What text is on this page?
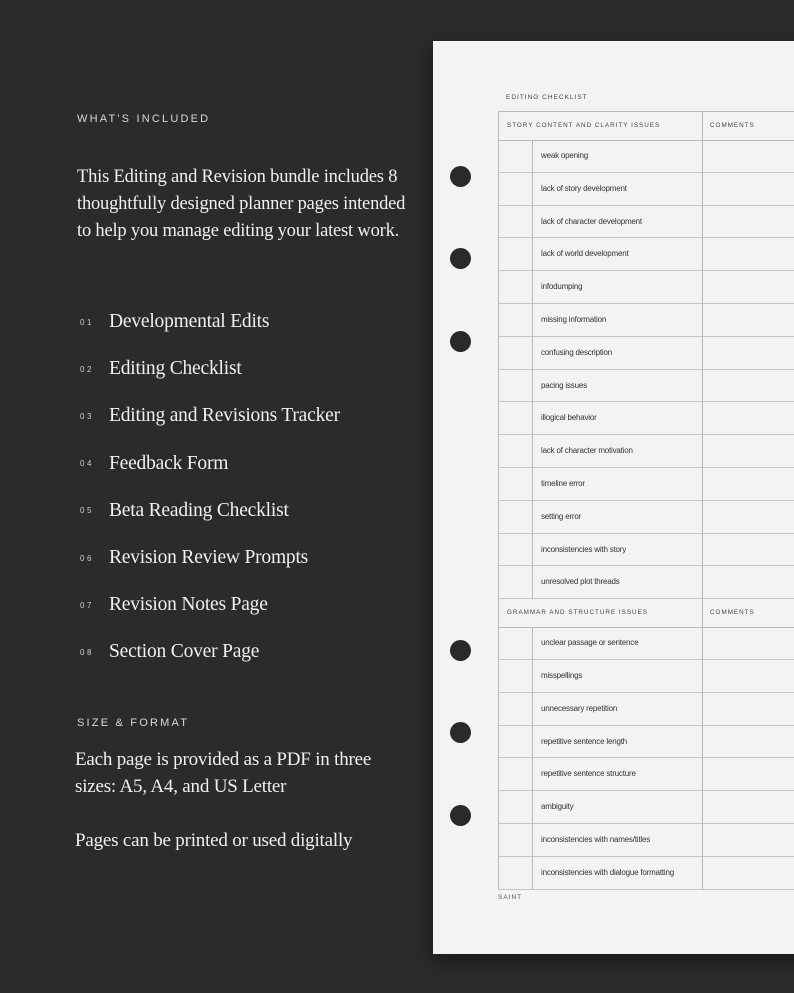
WHAT'S INCLUDED
This Editing and Revision bundle includes 8 thoughtfully designed planner pages intended to help you manage editing your latest work.
01 Developmental Edits
02 Editing Checklist
03 Editing and Revisions Tracker
04 Feedback Form
05 Beta Reading Checklist
06 Revision Review Prompts
07 Revision Notes Page
08 Section Cover Page
SIZE & FORMAT
Each page is provided as a PDF in three sizes: A5, A4, and US Letter
Pages can be printed or used digitally
EDITING CHECKLIST
STORY CONTENT AND CLARITY ISSUES	COMMENTS
weak opening
lack of story development
lack of character development
lack of world development
infodumping
missing information
confusing description
pacing issues
illogical behavior
lack of character motivation
timeline error
setting error
inconsistencies with story
unresolved plot threads
GRAMMAR AND STRUCTURE ISSUES	COMMENTS
unclear passage or sentence
misspellings
unnecessary repetition
repetitive sentence length
repetitive sentence structure
ambiguity
inconsistencies with names/titles
inconsistencies with dialogue formatting
SAINT
